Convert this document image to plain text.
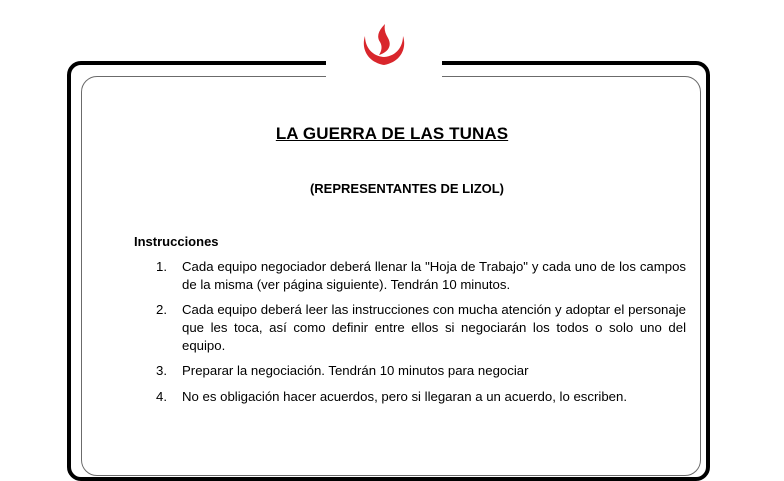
LA GUERRA DE LAS TUNAS
(REPRESENTANTES DE LIZOL)
Instrucciones
1.	Cada equipo negociador deberá llenar la "Hoja de Trabajo" y cada uno de los campos de la misma (ver página siguiente). Tendrán 10 minutos.
2.	Cada equipo deberá leer las instrucciones con mucha atención y adoptar el personaje que les toca, así como definir entre ellos si negociarán los todos o solo uno del equipo.
3.	Preparar la negociación. Tendrán 10 minutos para negociar
4.	No es obligación hacer acuerdos, pero si llegaran a un acuerdo, lo escriben.
